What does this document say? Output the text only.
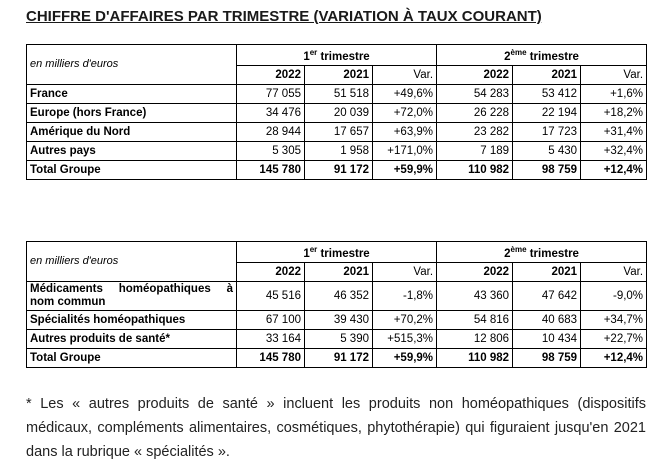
CHIFFRE D'AFFAIRES PAR TRIMESTRE (VARIATION À TAUX COURANT)
en milliers d'euros	1er trimestre			2ème trimestre		
	2022	2021	Var.	2022	2021	Var.
France	77 055	51 518	+49,6%	54 283	53 412	+1,6%
Europe (hors France)	34 476	20 039	+72,0%	26 228	22 194	+18,2%
Amérique du Nord	28 944	17 657	+63,9%	23 282	17 723	+31,4%
Autres pays	5 305	1 958	+171,0%	7 189	5 430	+32,4%
Total Groupe	145 780	91 172	+59,9%	110 982	98 759	+12,4%
en milliers d'euros	1er trimestre			2ème trimestre		
	2022	2021	Var.	2022	2021	Var.
Médicaments homéopathiques à nom commun	45 516	46 352	-1,8%	43 360	47 642	-9,0%
Spécialités homéopathiques	67 100	39 430	+70,2%	54 816	40 683	+34,7%
Autres produits de santé*	33 164	5 390	+515,3%	12 806	10 434	+22,7%
Total Groupe	145 780	91 172	+59,9%	110 982	98 759	+12,4%
* Les « autres produits de santé » incluent les produits non homéopathiques (dispositifs médicaux, compléments alimentaires, cosmétiques, phytothérapie) qui figuraient jusqu'en 2021 dans la rubrique « spécialités ».
